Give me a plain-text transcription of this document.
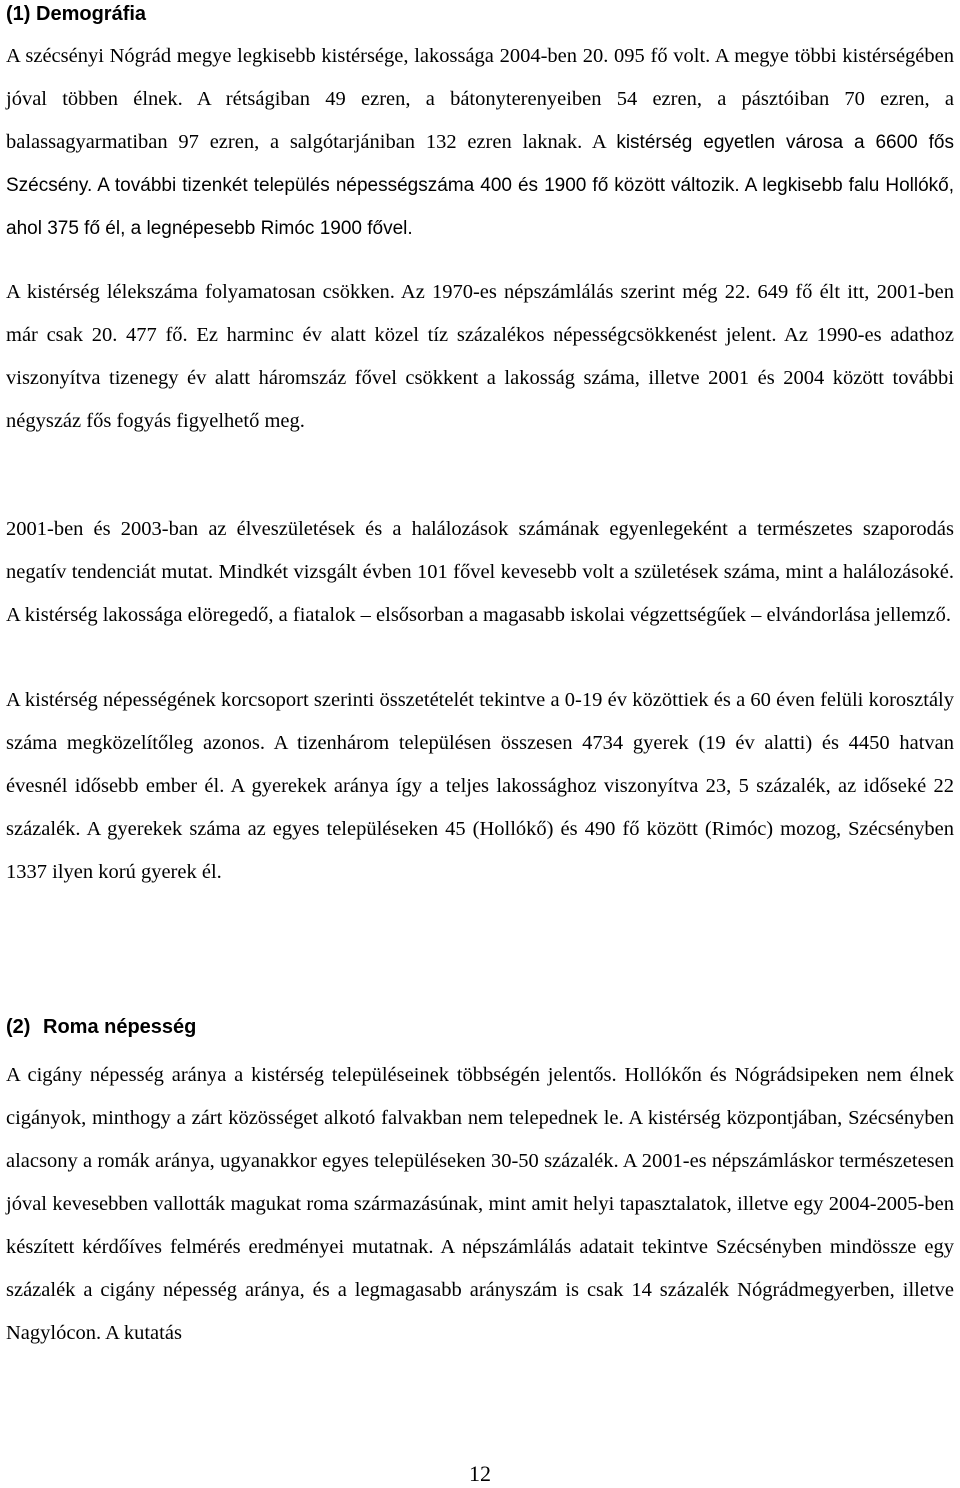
(1) Demográfia

A szécsényi Nógrád megye legkisebb kistérsége, lakossága 2004-ben 20. 095 fő volt. A megye többi kistérségében jóval többen élnek. A rétságiban 49 ezren, a bátonyterenyeiben 54 ezren, a pásztóiban 70 ezren, a balassagyarmatiban 97 ezren, a salgótarjániban 132 ezren laknak. A kistérség egyetlen városa a 6600 fős Szécsény. A további tizenkét település népességszáma 400 és 1900 fő között változik. A legkisebb falu Hollókő, ahol 375 fő él, a legnépesebb Rimóc 1900 fővel.

A kistérség lélekszáma folyamatosan csökken. Az 1970-es népszámlálás szerint még 22. 649 fő élt itt, 2001-ben már csak 20. 477 fő. Ez harminc év alatt közel tíz százalékos népességcsökkenést jelent. Az 1990-es adathoz viszonyítva tizenegy év alatt háromszáz fővel csökkent a lakosság száma, illetve 2001 és 2004 között további négyszáz fős fogyás figyelhető meg.

2001-ben és 2003-ban az élveszületések és a halálozások számának egyenlegeként a természetes szaporodás negatív tendenciát mutat. Mindkét vizsgált évben 101 fővel kevesebb volt a születések száma, mint a halálozásoké. A kistérség lakossága elöregedő, a fiatalok – elsősorban a magasabb iskolai végzettségűek – elvándorlása jellemző.

A kistérség népességének korcsoport szerinti összetételét tekintve a 0-19 év közöttiek és a 60 éven felüli korosztály száma megközelítőleg azonos. A tizenhárom településen összesen 4734 gyerek (19 év alatti) és 4450 hatvan évesnél idősebb ember él. A gyerekek aránya így a teljes lakossághoz viszonyítva 23, 5 százalék, az időseké 22 százalék. A gyerekek száma az egyes településeken 45 (Hollókő) és 490 fő között (Rimóc) mozog, Szécsényben 1337 ilyen korú gyerek él.

(2) Roma népesség

A cigány népesség aránya a kistérség településeinek többségén jelentős. Hollókőn és Nógrádsipeken nem élnek cigányok, minthogy a zárt közösséget alkotó falvakban nem telepednek le. A kistérség központjában, Szécsényben alacsony a romák aránya, ugyanakkor egyes településeken 30-50 százalék. A 2001-es népszámláskor természetesen jóval kevesebben vallották magukat roma származásúnak, mint amit helyi tapasztalatok, illetve egy 2004-2005-ben készített kérdőíves felmérés eredményei mutatnak. A népszámlálás adatait tekintve Szécsényben mindössze egy százalék a cigány népesség aránya, és a legmagasabb arányszám is csak 14 százalék Nógrádmegyerben, illetve Nagylócon. A kutatás

12
